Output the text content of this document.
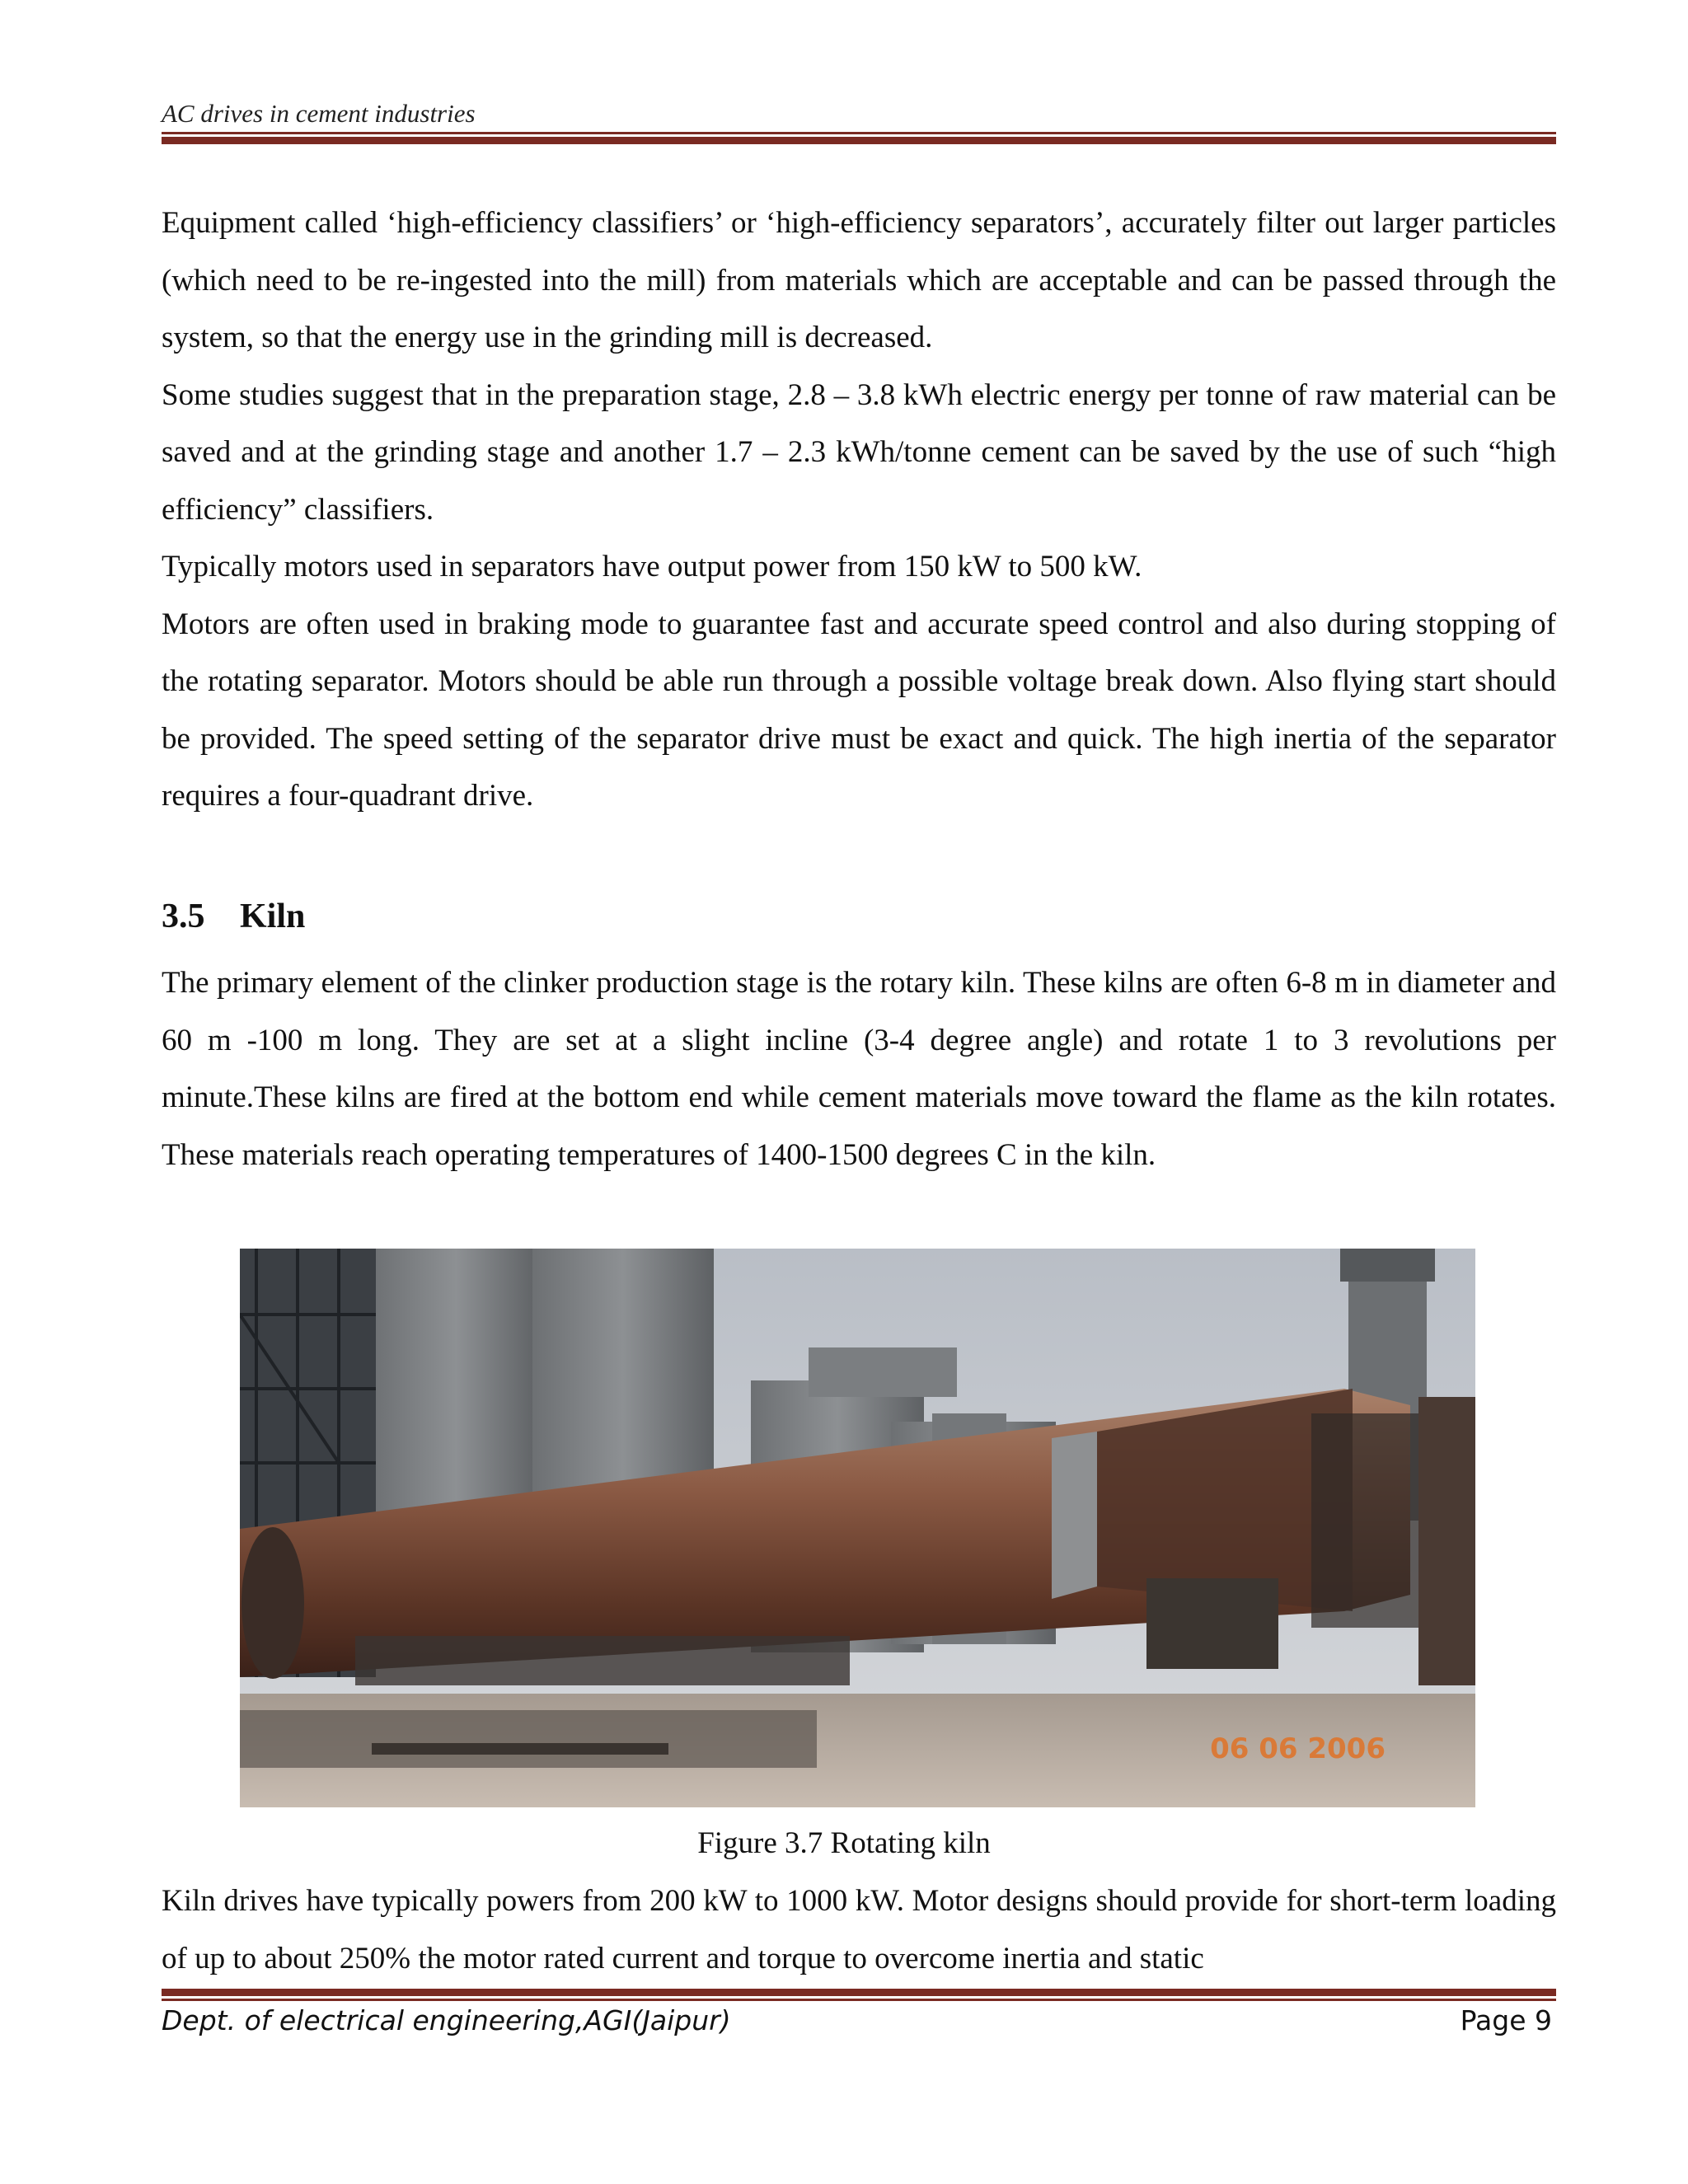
AC drives in cement industries

Equipment called ‘high-efficiency classifiers’ or ‘high-efficiency separators’, accurately filter out larger particles (which need to be re-ingested into the mill) from materials which are acceptable and can be passed through the system, so that the energy use in the grinding mill is decreased.

Some studies suggest that in the preparation stage, 2.8 – 3.8 kWh electric energy per tonne of raw material can be saved and at the grinding stage and another 1.7 – 2.3 kWh/tonne cement can be saved by the use of such “high efficiency” classifiers.

Typically motors used in separators have output power from 150 kW to 500 kW.

Motors are often used in braking mode to guarantee fast and accurate speed control and also during stopping of the rotating separator. Motors should be able run through a possible voltage break down. Also flying start should be provided. The speed setting of the separator drive must be exact and quick. The high inertia of the separator requires a four-quadrant drive.

3.5 Kiln

The primary element of the clinker production stage is the rotary kiln. These kilns are often 6-8 m in diameter and 60 m -100 m long. They are set at a slight incline (3-4 degree angle) and rotate 1 to 3 revolutions per minute.These kilns are fired at the bottom end while cement materials move toward the flame as the kiln rotates. These materials reach operating temperatures of 1400-1500 degrees C in the kiln.

06 06 2006
Figure 3.7 Rotating kiln

Kiln drives have typically powers from 200 kW to 1000 kW. Motor designs should provide for short-term loading of up to about 250% the motor rated current and torque to overcome inertia and static

Dept. of electrical engineering,AGI(Jaipur)	Page 9
